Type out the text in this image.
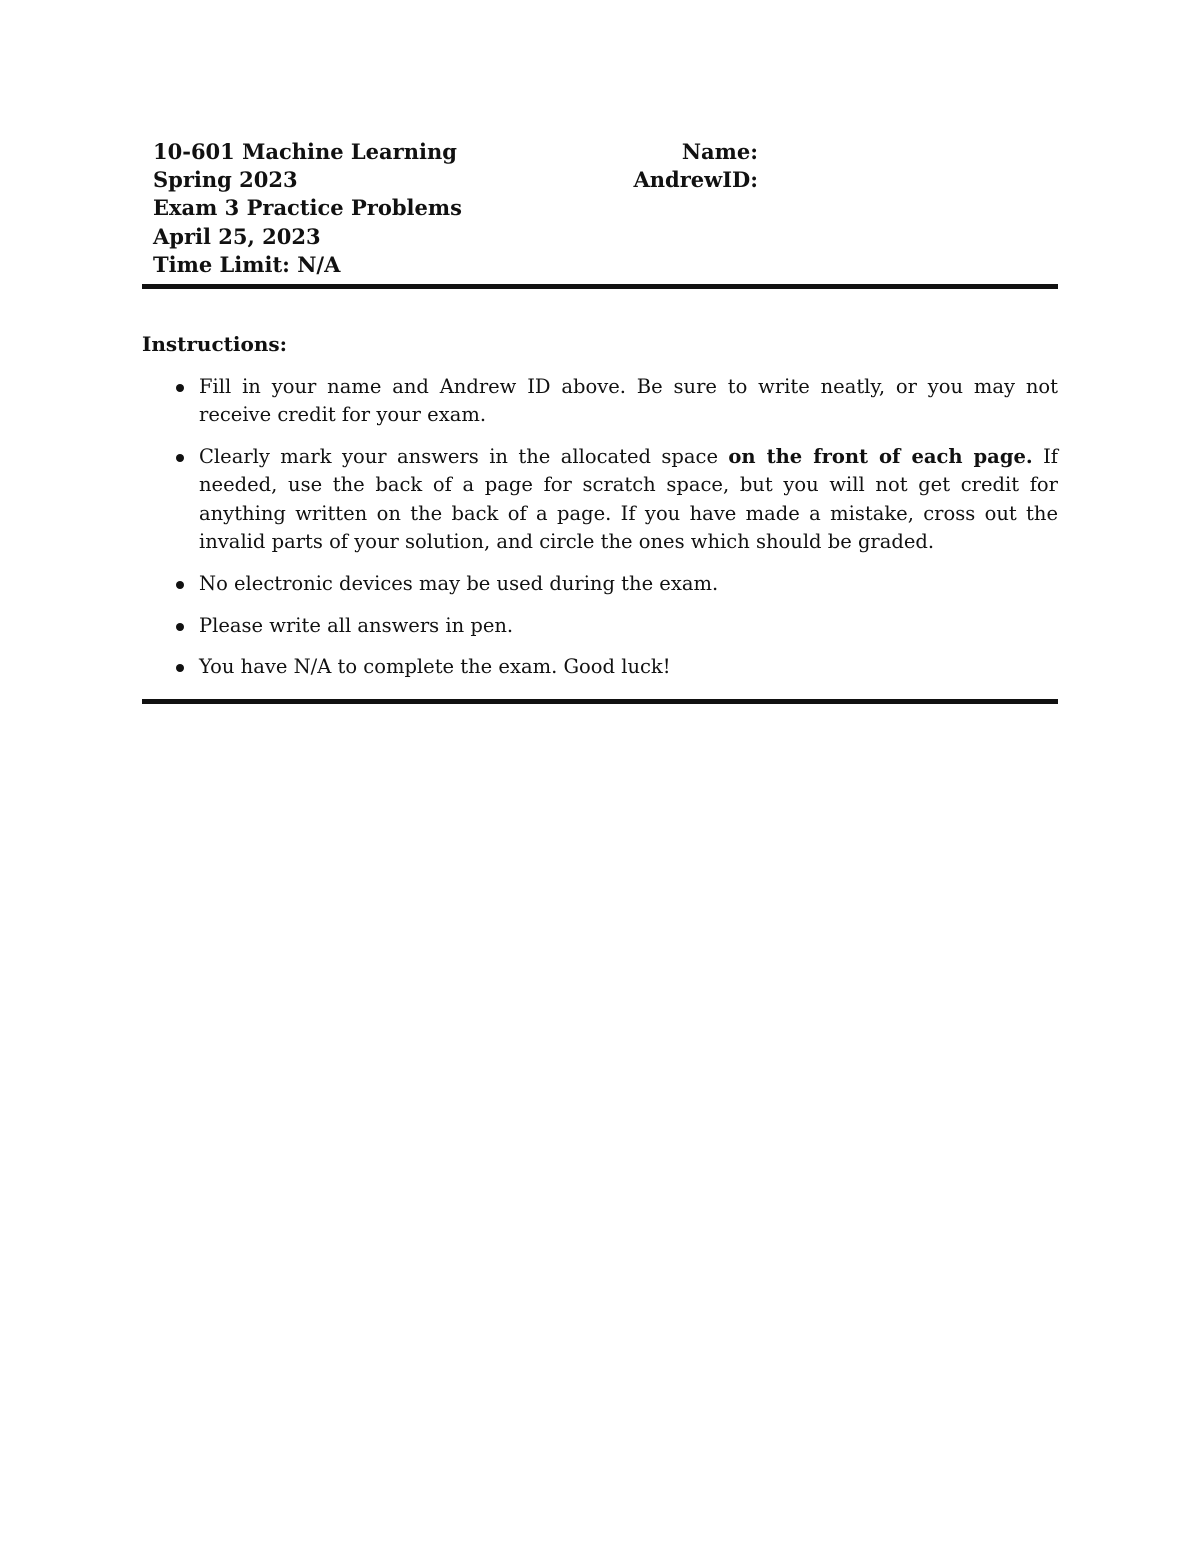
10-601 Machine Learning
Spring 2023
Exam 3 Practice Problems
April 25, 2023
Time Limit: N/A
Name:
AndrewID:
Instructions:
Fill in your name and Andrew ID above. Be sure to write neatly, or you may not receive credit for your exam.
Clearly mark your answers in the allocated space on the front of each page. If needed, use the back of a page for scratch space, but you will not get credit for anything written on the back of a page. If you have made a mistake, cross out the invalid parts of your solution, and circle the ones which should be graded.
No electronic devices may be used during the exam.
Please write all answers in pen.
You have N/A to complete the exam. Good luck!
